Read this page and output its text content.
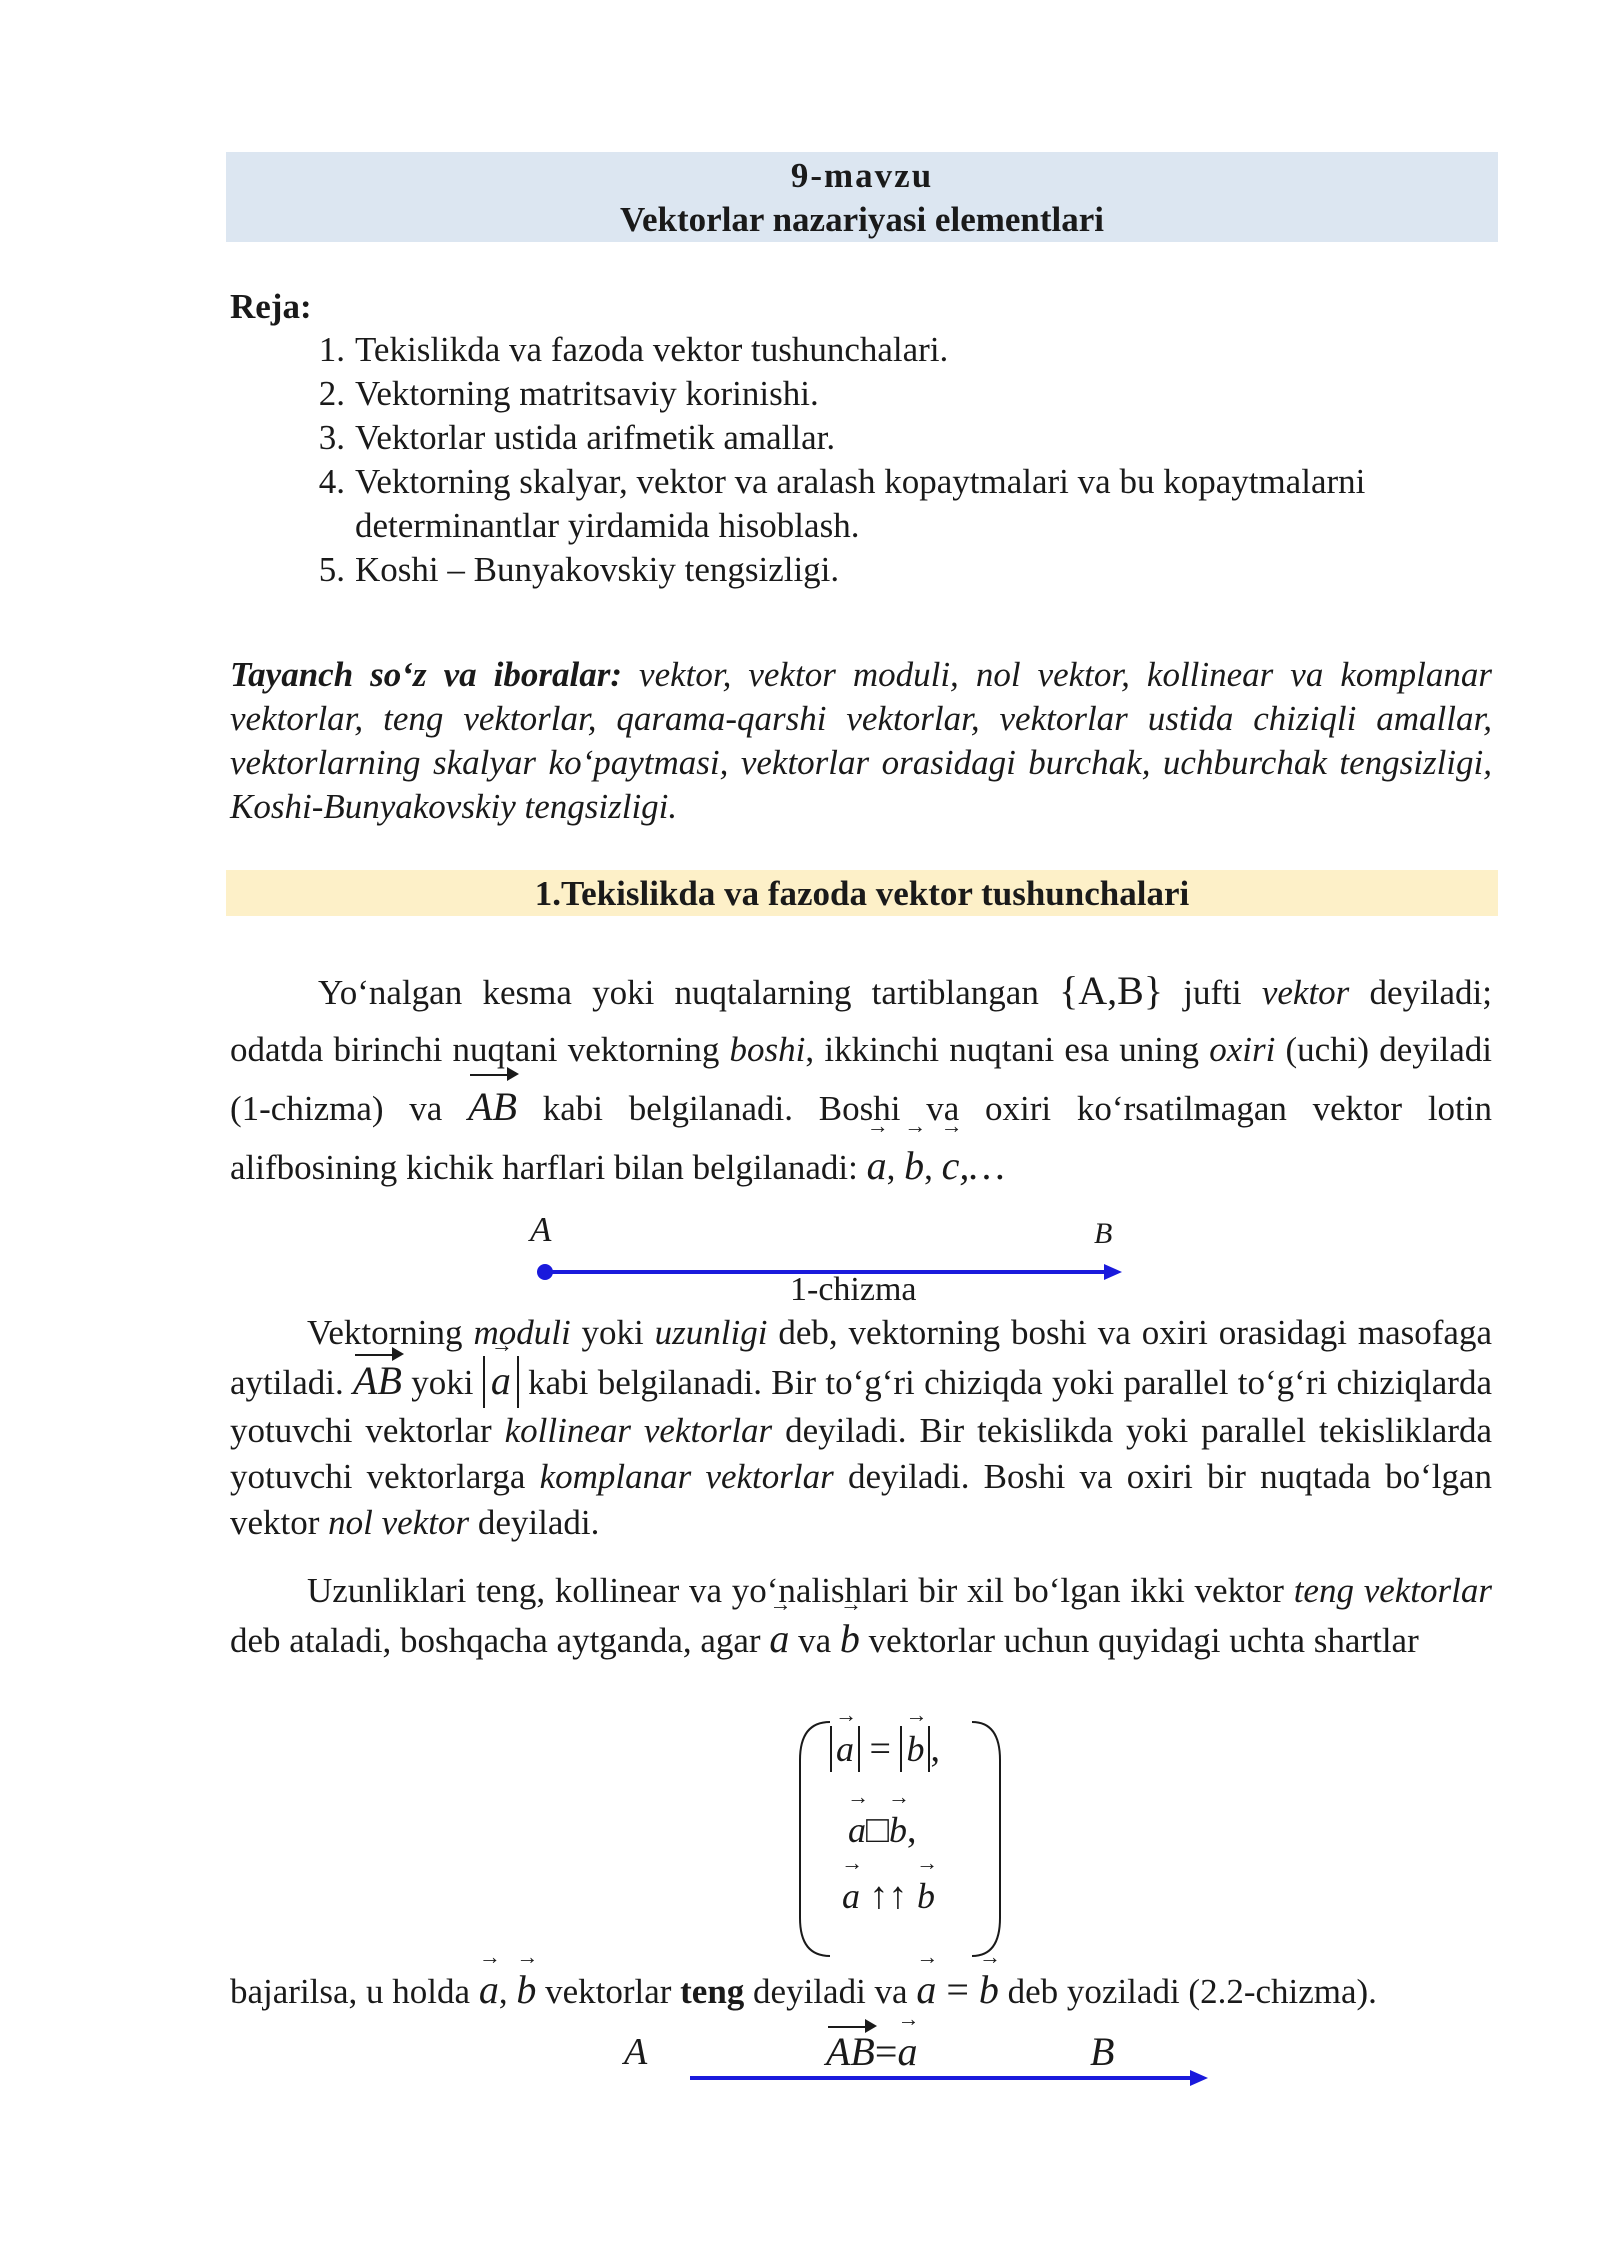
9-mavzu
Vektorlar nazariyasi elementlari
Reja:
1. Tekislikda va fazoda vektor tushunchalari.
2. Vektorning matritsaviy korinishi.
3. Vektorlar ustida arifmetik amallar.
4. Vektorning skalyar, vektor va aralash kopaytmalari va bu kopaytmalarni determinantlar yirdamida hisoblash.
5. Koshi – Bunyakovskiy tengsizligi.
Tayanch so‘z va iboralar: vektor, vektor moduli, nol vektor, kollinear va komplanar vektorlar, teng vektorlar, qarama-qarshi vektorlar, vektorlar ustida chiziqli amallar, vektorlarning skalyar ko‘paytmasi, vektorlar orasidagi burchak, uchburchak tengsizligi, Koshi-Bunyakovskiy tengsizligi.
1.Tekislikda va fazoda vektor tushunchalari
Yo‘nalgan kesma yoki nuqtalarning tartiblangan {A,B} jufti vektor deyiladi; odatda birinchi nuqtani vektorning boshi, ikkinchi nuqtani esa uning oxiri (uchi) deyiladi (1-chizma) va AB kabi belgilanadi. Boshi va oxiri ko‘rsatilmagan vektor lotin alifbosining kichik harflari bilan belgilanadi: → a, → b, → c,…
A	B
1-chizma
Vektorning moduli yoki uzunligi deb, vektorning boshi va oxiri orasidagi masofaga aytiladi. AB yoki → a kabi belgilanadi. Bir to‘g‘ri chiziqda yoki parallel to‘g‘ri chiziqlarda yotuvchi vektorlar kollinear vektorlar deyiladi. Bir tekislikda yoki parallel tekisliklarda yotuvchi vektorlarga komplanar vektorlar deyiladi. Boshi va oxiri bir nuqtada bo‘lgan vektor nol vektor deyiladi.
Uzunliklari teng, kollinear va yo‘nalishlari bir xil bo‘lgan ikki vektor teng vektorlar deb ataladi, boshqacha aytganda, agar → a va → b vektorlar uchun quyidagi uchta shartlar
→ a = → b ,
→ a□→ b,
→ a ↑↑ → b
bajarilsa, u holda → a, → b vektorlar teng deyiladi va → a = → b deb yoziladi (2.2-chizma).
A	AB=→ a	B
